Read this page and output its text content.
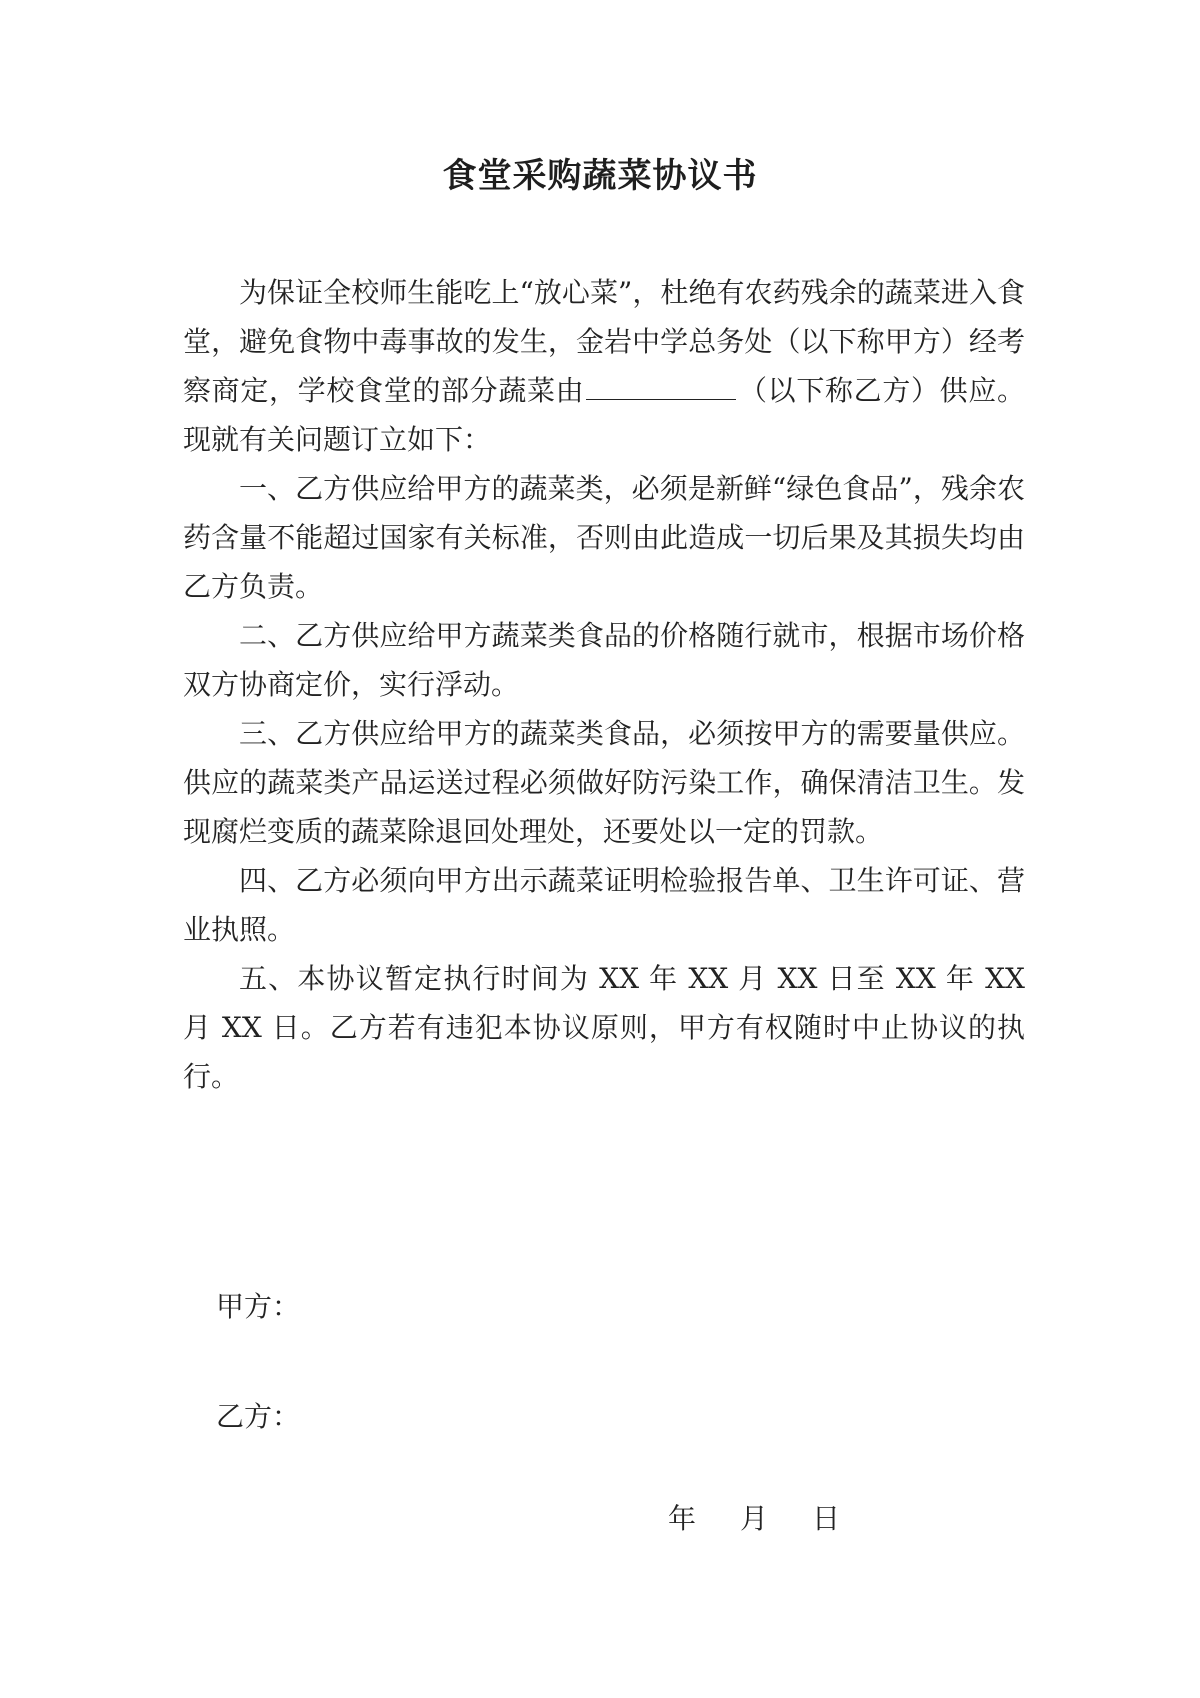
食堂采购蔬菜协议书

为保证全校师生能吃上“放心菜”，杜绝有农药残余的蔬菜进入食堂，避免食物中毒事故的发生，金岩中学总务处（以下称甲方）经考察商定，学校食堂的部分蔬菜由	（以下称乙方）供应。现就有关问题订立如下：

一、乙方供应给甲方的蔬菜类，必须是新鲜“绿色食品”，残余农药含量不能超过国家有关标准，否则由此造成一切后果及其损失均由乙方负责。

二、乙方供应给甲方蔬菜类食品的价格随行就市，根据市场价格双方协商定价，实行浮动。

三、乙方供应给甲方的蔬菜类食品，必须按甲方的需要量供应。供应的蔬菜类产品运送过程必须做好防污染工作，确保清洁卫生。发现腐烂变质的蔬菜除退回处理处，还要处以一定的罚款。

四、乙方必须向甲方出示蔬菜证明检验报告单、卫生许可证、营业执照。

五、本协议暂定执行时间为 XX 年 XX 月 XX 日至 XX 年 XX 月 XX 日。乙方若有违犯本协议原则，甲方有权随时中止协议的执行。

甲方：
乙方：
年 月 日
